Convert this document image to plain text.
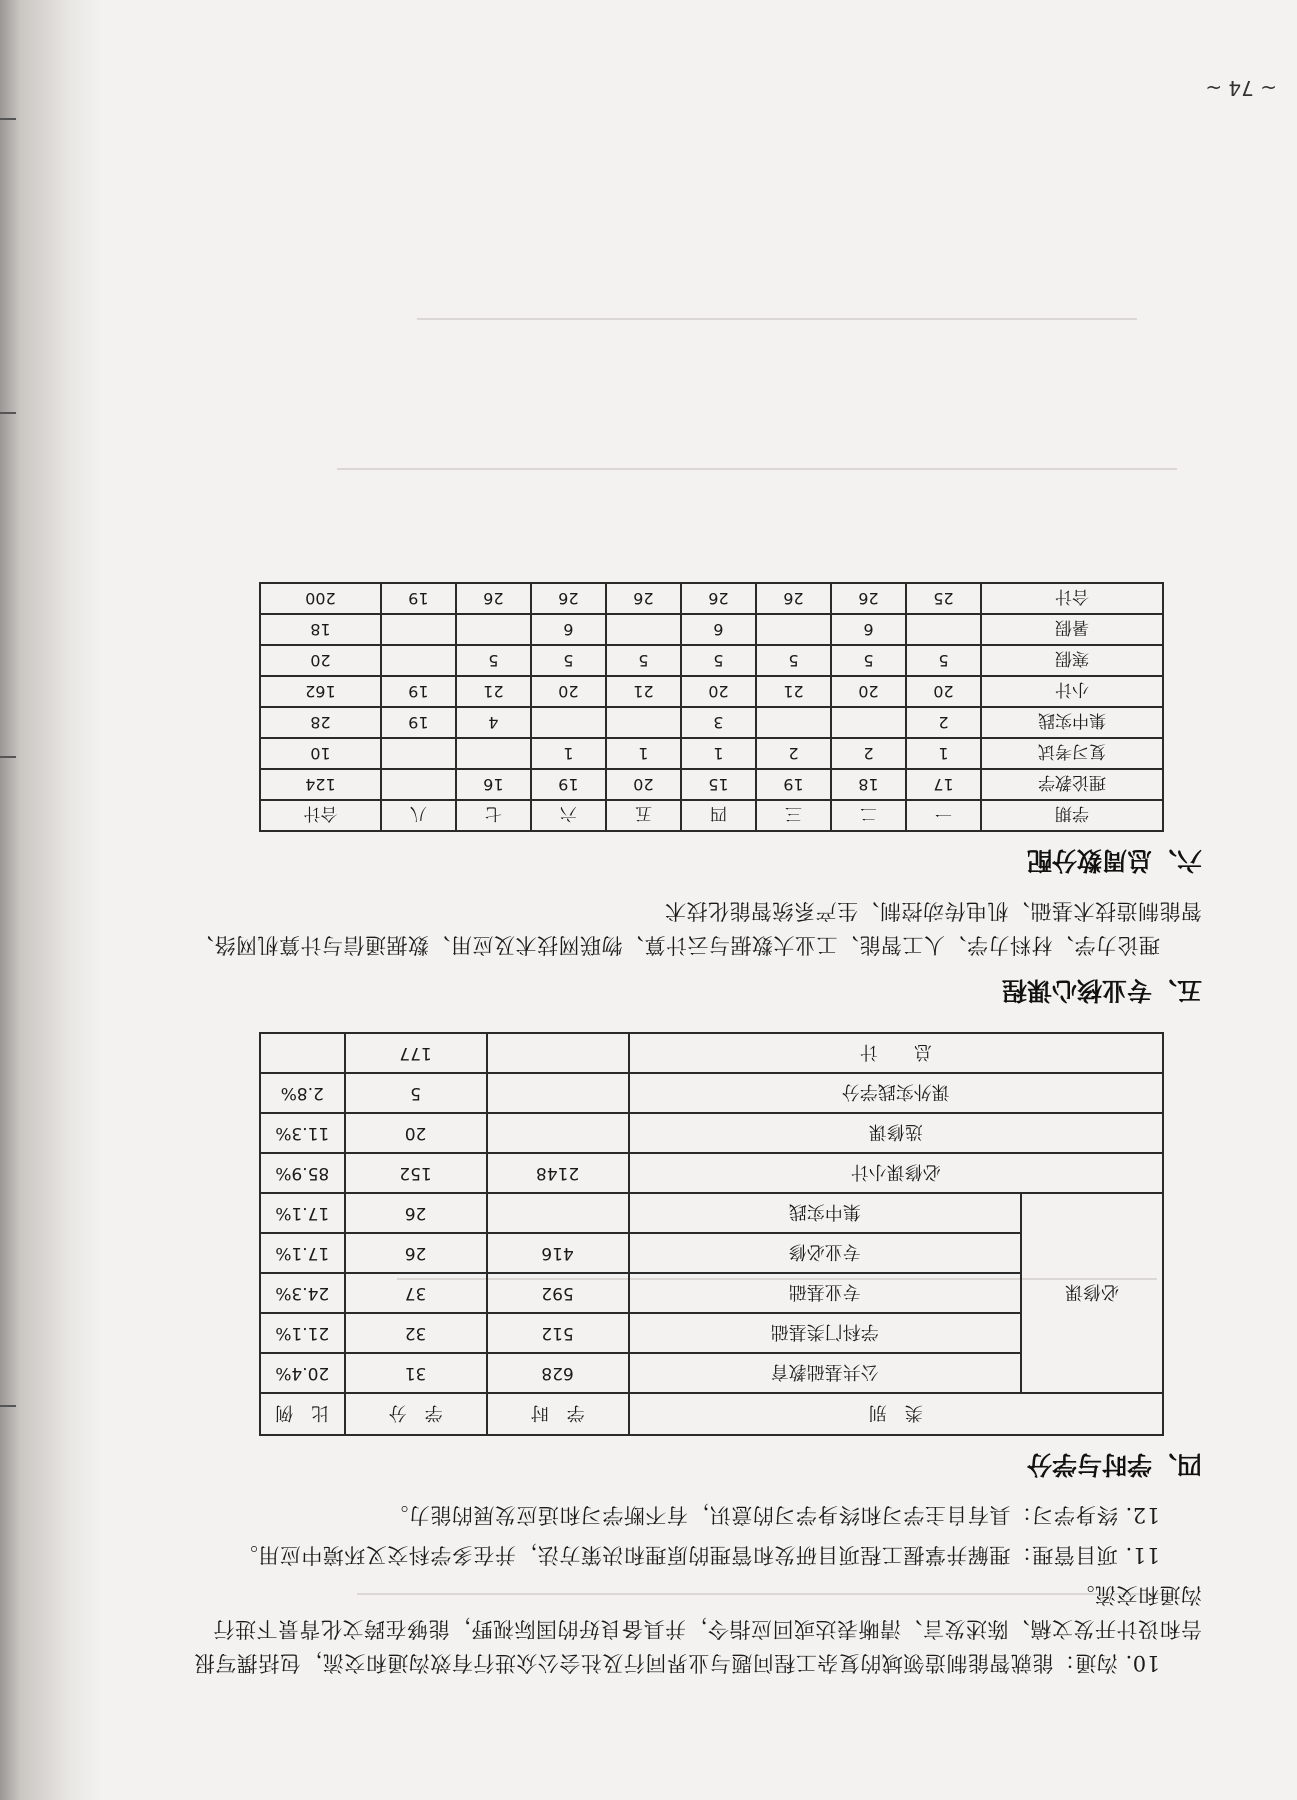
10. 沟通：能就智能制造领域的复杂工程问题与业界同行及社会公众进行有效沟通和交流，包括撰写报告和设计开发文稿、陈述发言、清晰表达或回应指令，并具备良好的国际视野，能够在跨文化背景下进行沟通和交流。

11. 项目管理：理解并掌握工程项目研发和管理的原理和决策方法，并在多学科交叉环境中应用。

12. 终身学习：具有自主学习和终身学习的意识，有不断学习和适应发展的能力。

四、学时与学分
类　别		学　时	学　分	比　例
必修课	公共基础教育	628	31	20.4%
	学科门类基础	512	32	21.1%
	专业基础	592	37	24.3%
	专业必修	416	26	17.1%
	集中实践		26	17.1%
必修课小计		2148	152	85.9%
选修课			20	11.3%
课外实践学分			5	2.8%
总　　计			177	
五、专业核心课程

理论力学、材料力学、人工智能、工业大数据与云计算、物联网技术及应用、数据通信与计算机网络、智能制造技术基础、机电传动控制、生产系统智能化技术

六、总周数分配
学期	一	二	三	四	五	六	七	八	合计
理论教学	17	18	19	15	20	19	16		124
复习考试	1	2	2	1	1	1			10
集中实践	2			3			4	19	28
小计	20	20	21	20	21	20	21	19	162
寒假	5	5	5	5	5	5	5		20
暑假		6		6		6			18
合计	25	26	26	26	26	26	26	19	200
~ 74 ~
